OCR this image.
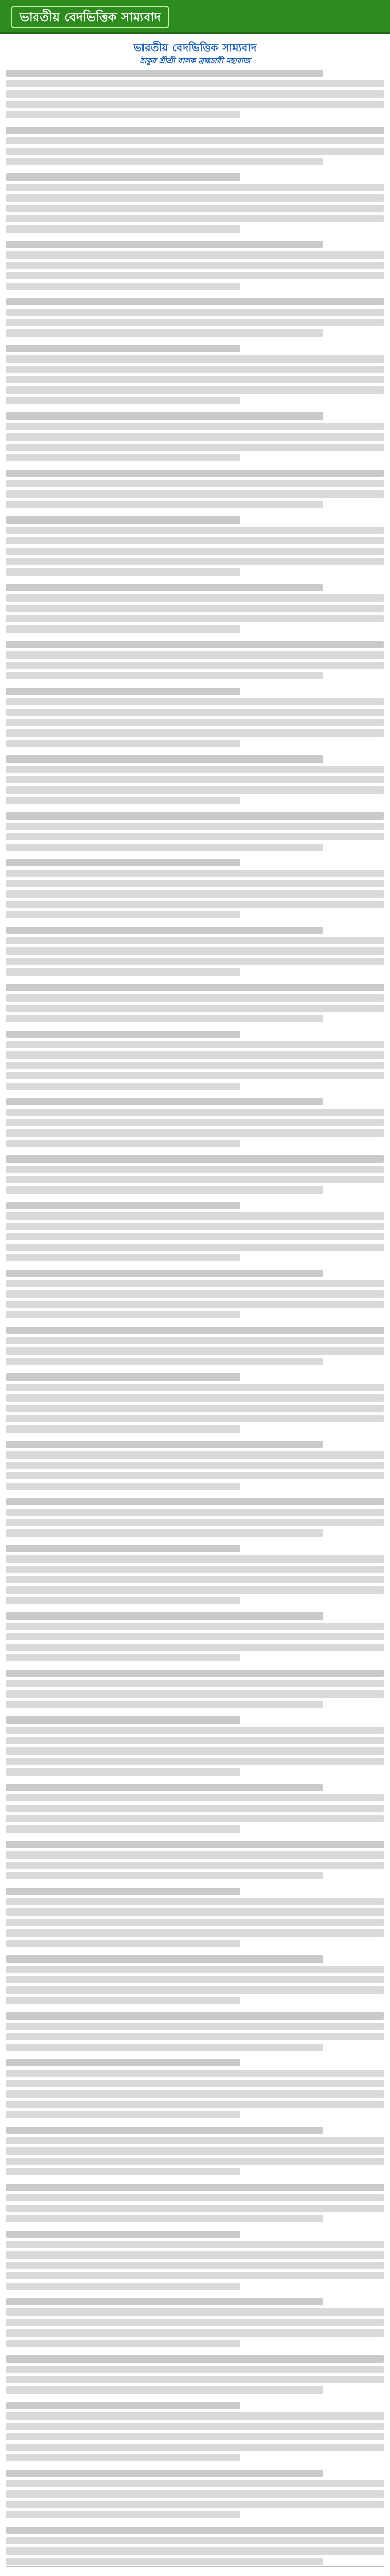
ভারতীয় বেদভিত্তিক সাম্যবাদ
ভারতীয় বেদভিত্তিক সাম্যবাদ
ঠাকুর শ্রীশ্রী বালক ব্রহ্মচারী মহারাজ
